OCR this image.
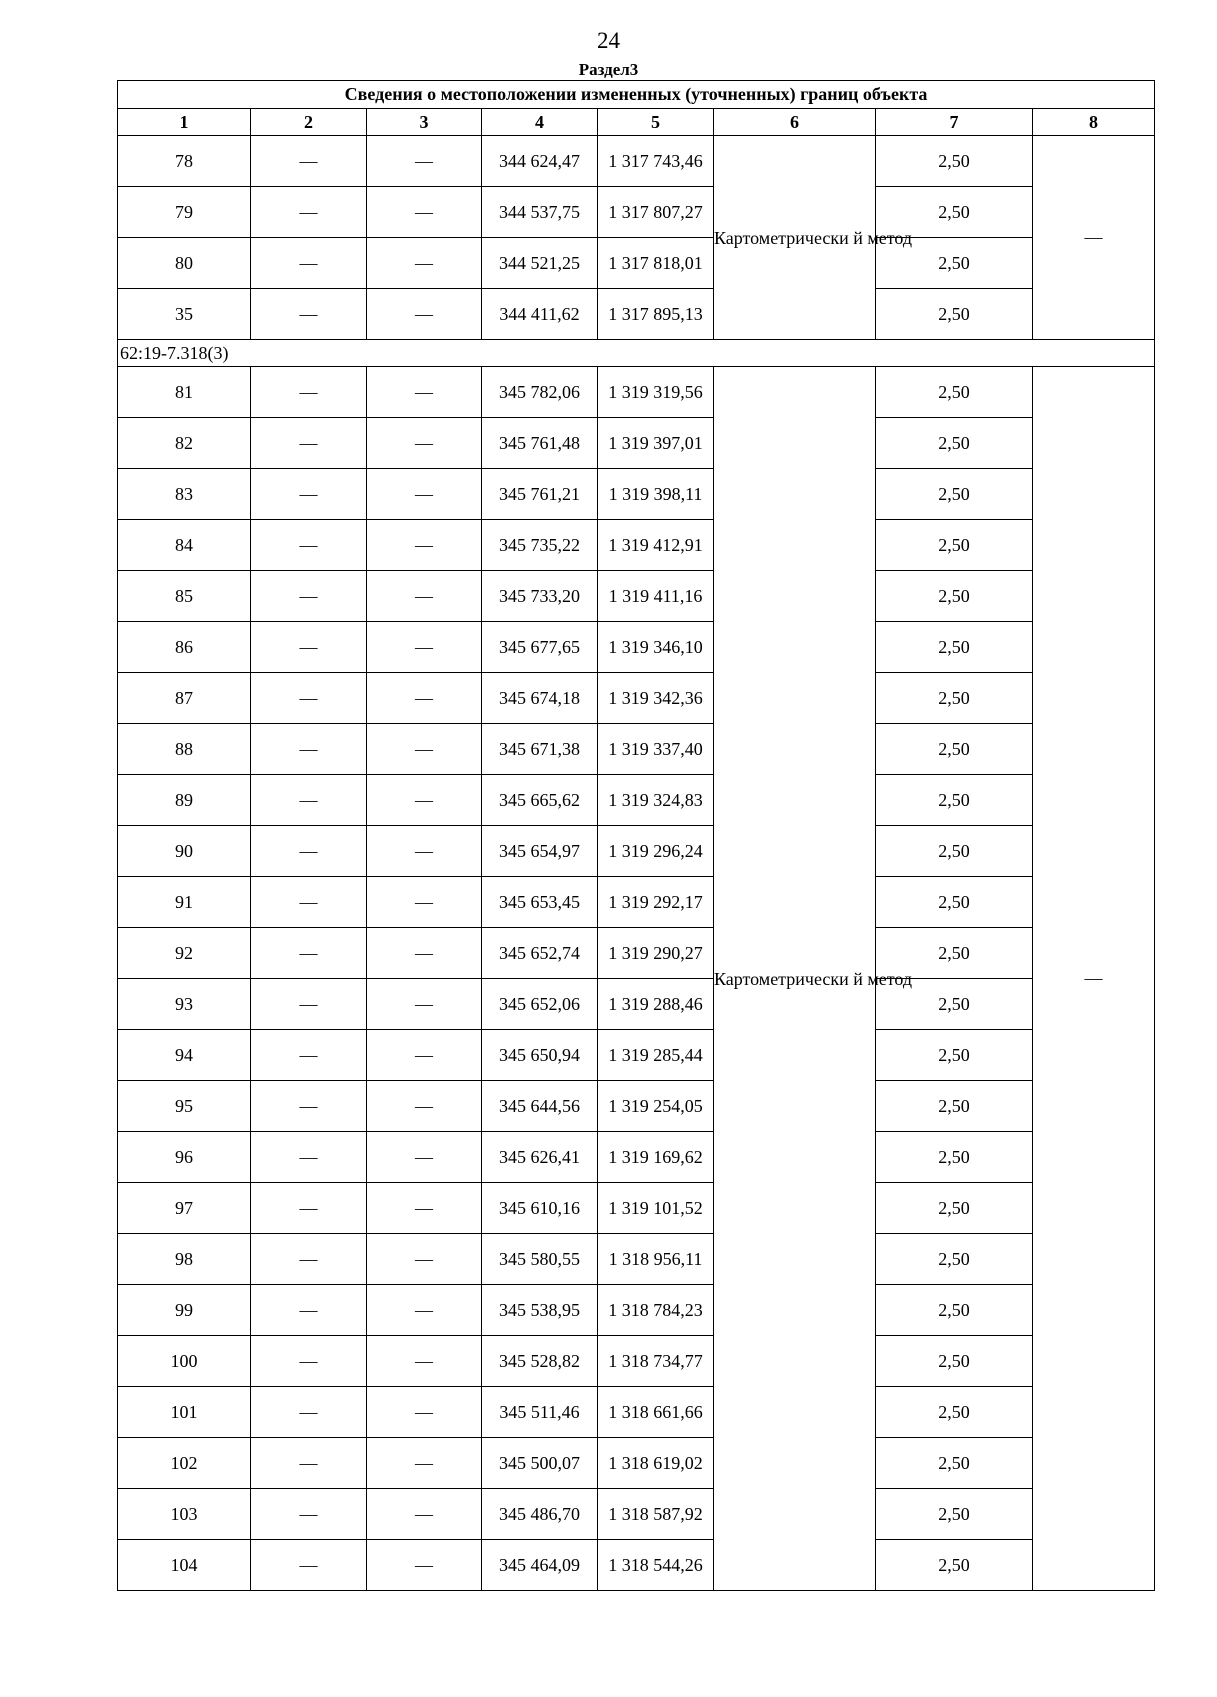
24
Раздел3
Сведения о местоположении измененных (уточненных) границ объекта							
1	2	3	4	5	6	7	8
78	—	—	344 624,47	1 317 743,46	Картометрически й метод	2,50	—
79	—	—	344 537,75	1 317 807,27		2,50	
80	—	—	344 521,25	1 317 818,01		2,50	
35	—	—	344 411,62	1 317 895,13		2,50	
62:19-7.318(3)							
81	—	—	345 782,06	1 319 319,56	Картометрически й метод	2,50	—
82	—	—	345 761,48	1 319 397,01		2,50	
83	—	—	345 761,21	1 319 398,11		2,50	
84	—	—	345 735,22	1 319 412,91		2,50	
85	—	—	345 733,20	1 319 411,16		2,50	
86	—	—	345 677,65	1 319 346,10		2,50	
87	—	—	345 674,18	1 319 342,36		2,50	
88	—	—	345 671,38	1 319 337,40		2,50	
89	—	—	345 665,62	1 319 324,83		2,50	
90	—	—	345 654,97	1 319 296,24		2,50	
91	—	—	345 653,45	1 319 292,17		2,50	
92	—	—	345 652,74	1 319 290,27		2,50	
93	—	—	345 652,06	1 319 288,46		2,50	
94	—	—	345 650,94	1 319 285,44		2,50	
95	—	—	345 644,56	1 319 254,05		2,50	
96	—	—	345 626,41	1 319 169,62		2,50	
97	—	—	345 610,16	1 319 101,52		2,50	
98	—	—	345 580,55	1 318 956,11		2,50	
99	—	—	345 538,95	1 318 784,23		2,50	
100	—	—	345 528,82	1 318 734,77		2,50	
101	—	—	345 511,46	1 318 661,66		2,50	
102	—	—	345 500,07	1 318 619,02		2,50	
103	—	—	345 486,70	1 318 587,92		2,50	
104	—	—	345 464,09	1 318 544,26		2,50	
